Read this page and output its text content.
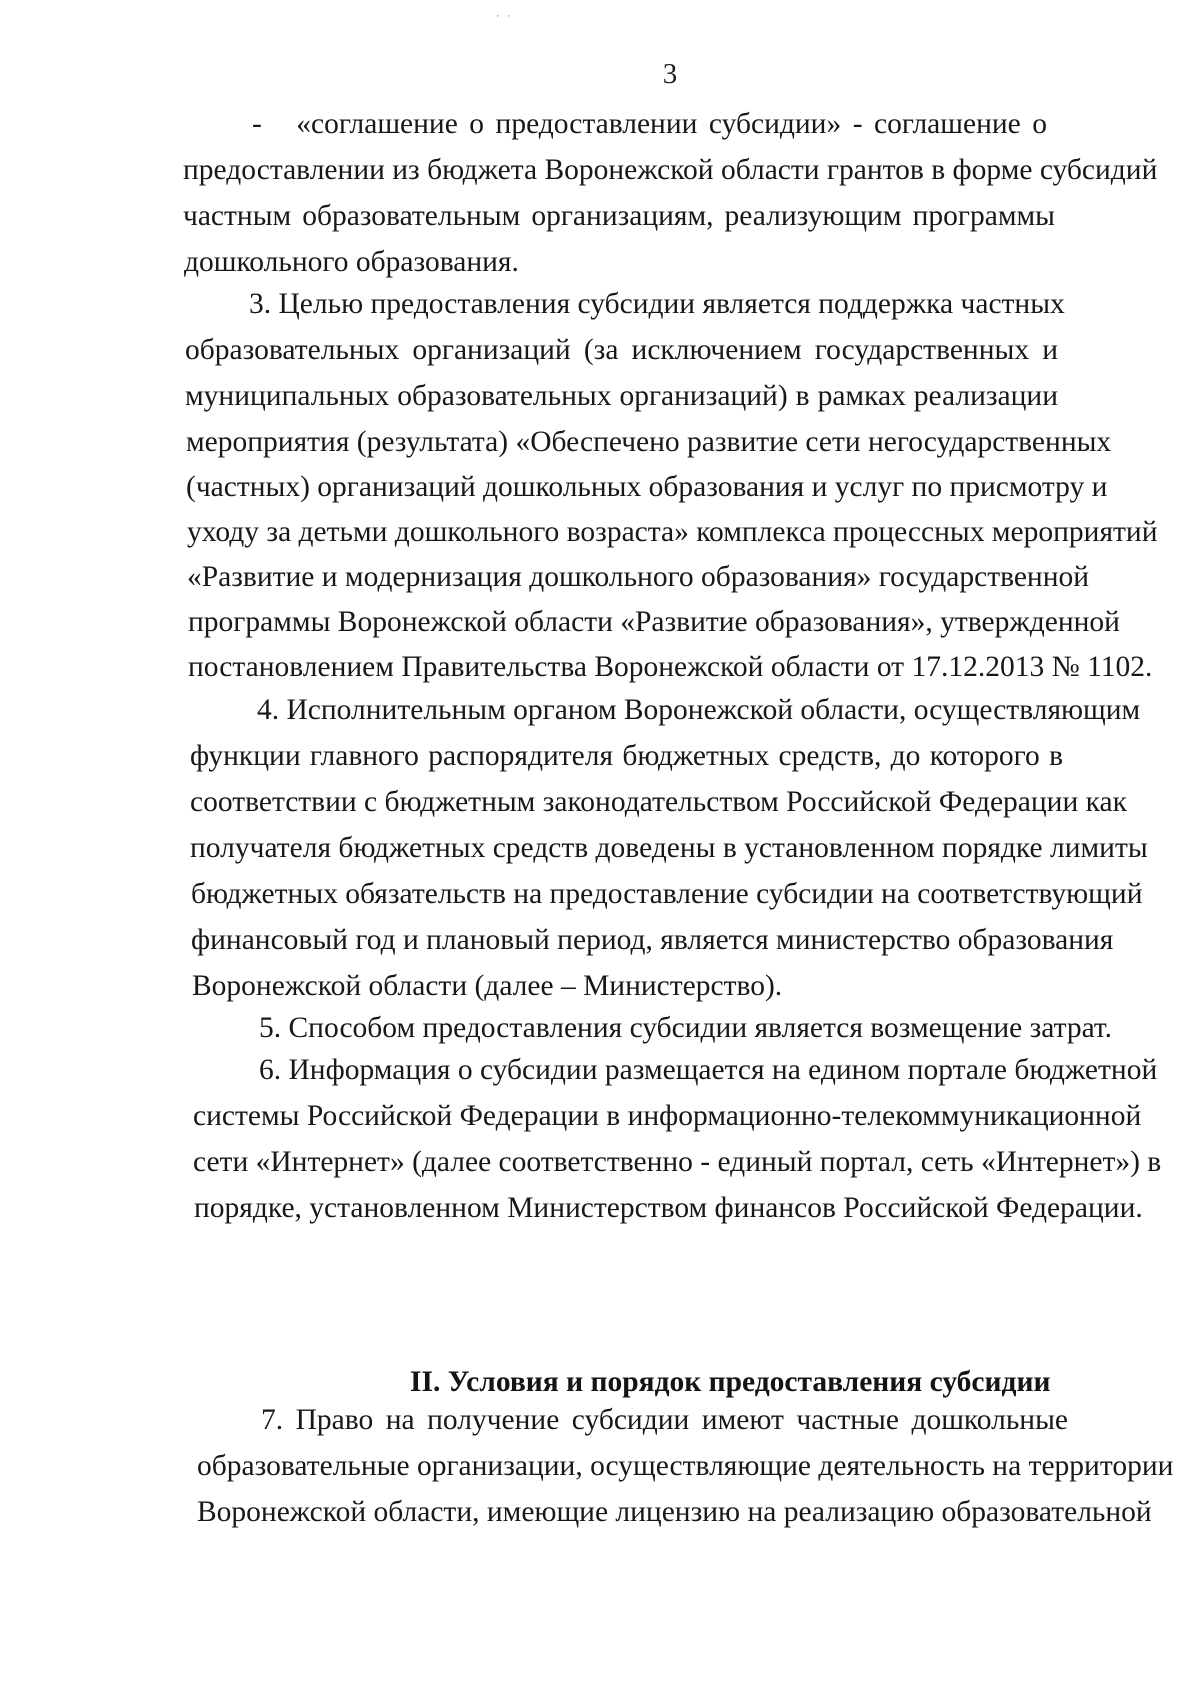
ʼ '
3
-   «соглашение о предоставлении субсидии» - соглашение о
предоставлении из бюджета Воронежской области грантов в форме субсидий
частным образовательным организациям, реализующим программы
дошкольного образования.
3. Целью предоставления субсидии является поддержка частных
образовательных организаций (за исключением государственных и
муниципальных образовательных организаций) в рамках реализации
мероприятия (результата) «Обеспечено развитие сети негосударственных
(частных) организаций дошкольных образования и услуг по присмотру и
уходу за детьми дошкольного возраста» комплекса процессных мероприятий
«Развитие и модернизация дошкольного образования» государственной
программы Воронежской области «Развитие образования», утвержденной
постановлением Правительства Воронежской области от 17.12.2013 № 1102.
4. Исполнительным органом Воронежской области, осуществляющим
функции главного распорядителя бюджетных средств, до которого в
соответствии с бюджетным законодательством Российской Федерации как
получателя бюджетных средств доведены в установленном порядке лимиты
бюджетных обязательств на предоставление субсидии на соответствующий
финансовый год и плановый период, является министерство образования
Воронежской области (далее – Министерство).
5. Способом предоставления субсидии является возмещение затрат.
6. Информация о субсидии размещается на едином портале бюджетной
системы Российской Федерации в информационно-телекоммуникационной
сети «Интернет» (далее соответственно - единый портал, сеть «Интернет») в
порядке, установленном Министерством финансов Российской Федерации.
II. Условия и порядок предоставления субсидии
7. Право на получение субсидии имеют частные дошкольные
образовательные организации, осуществляющие деятельность на территории
Воронежской области, имеющие лицензию на реализацию образовательной
